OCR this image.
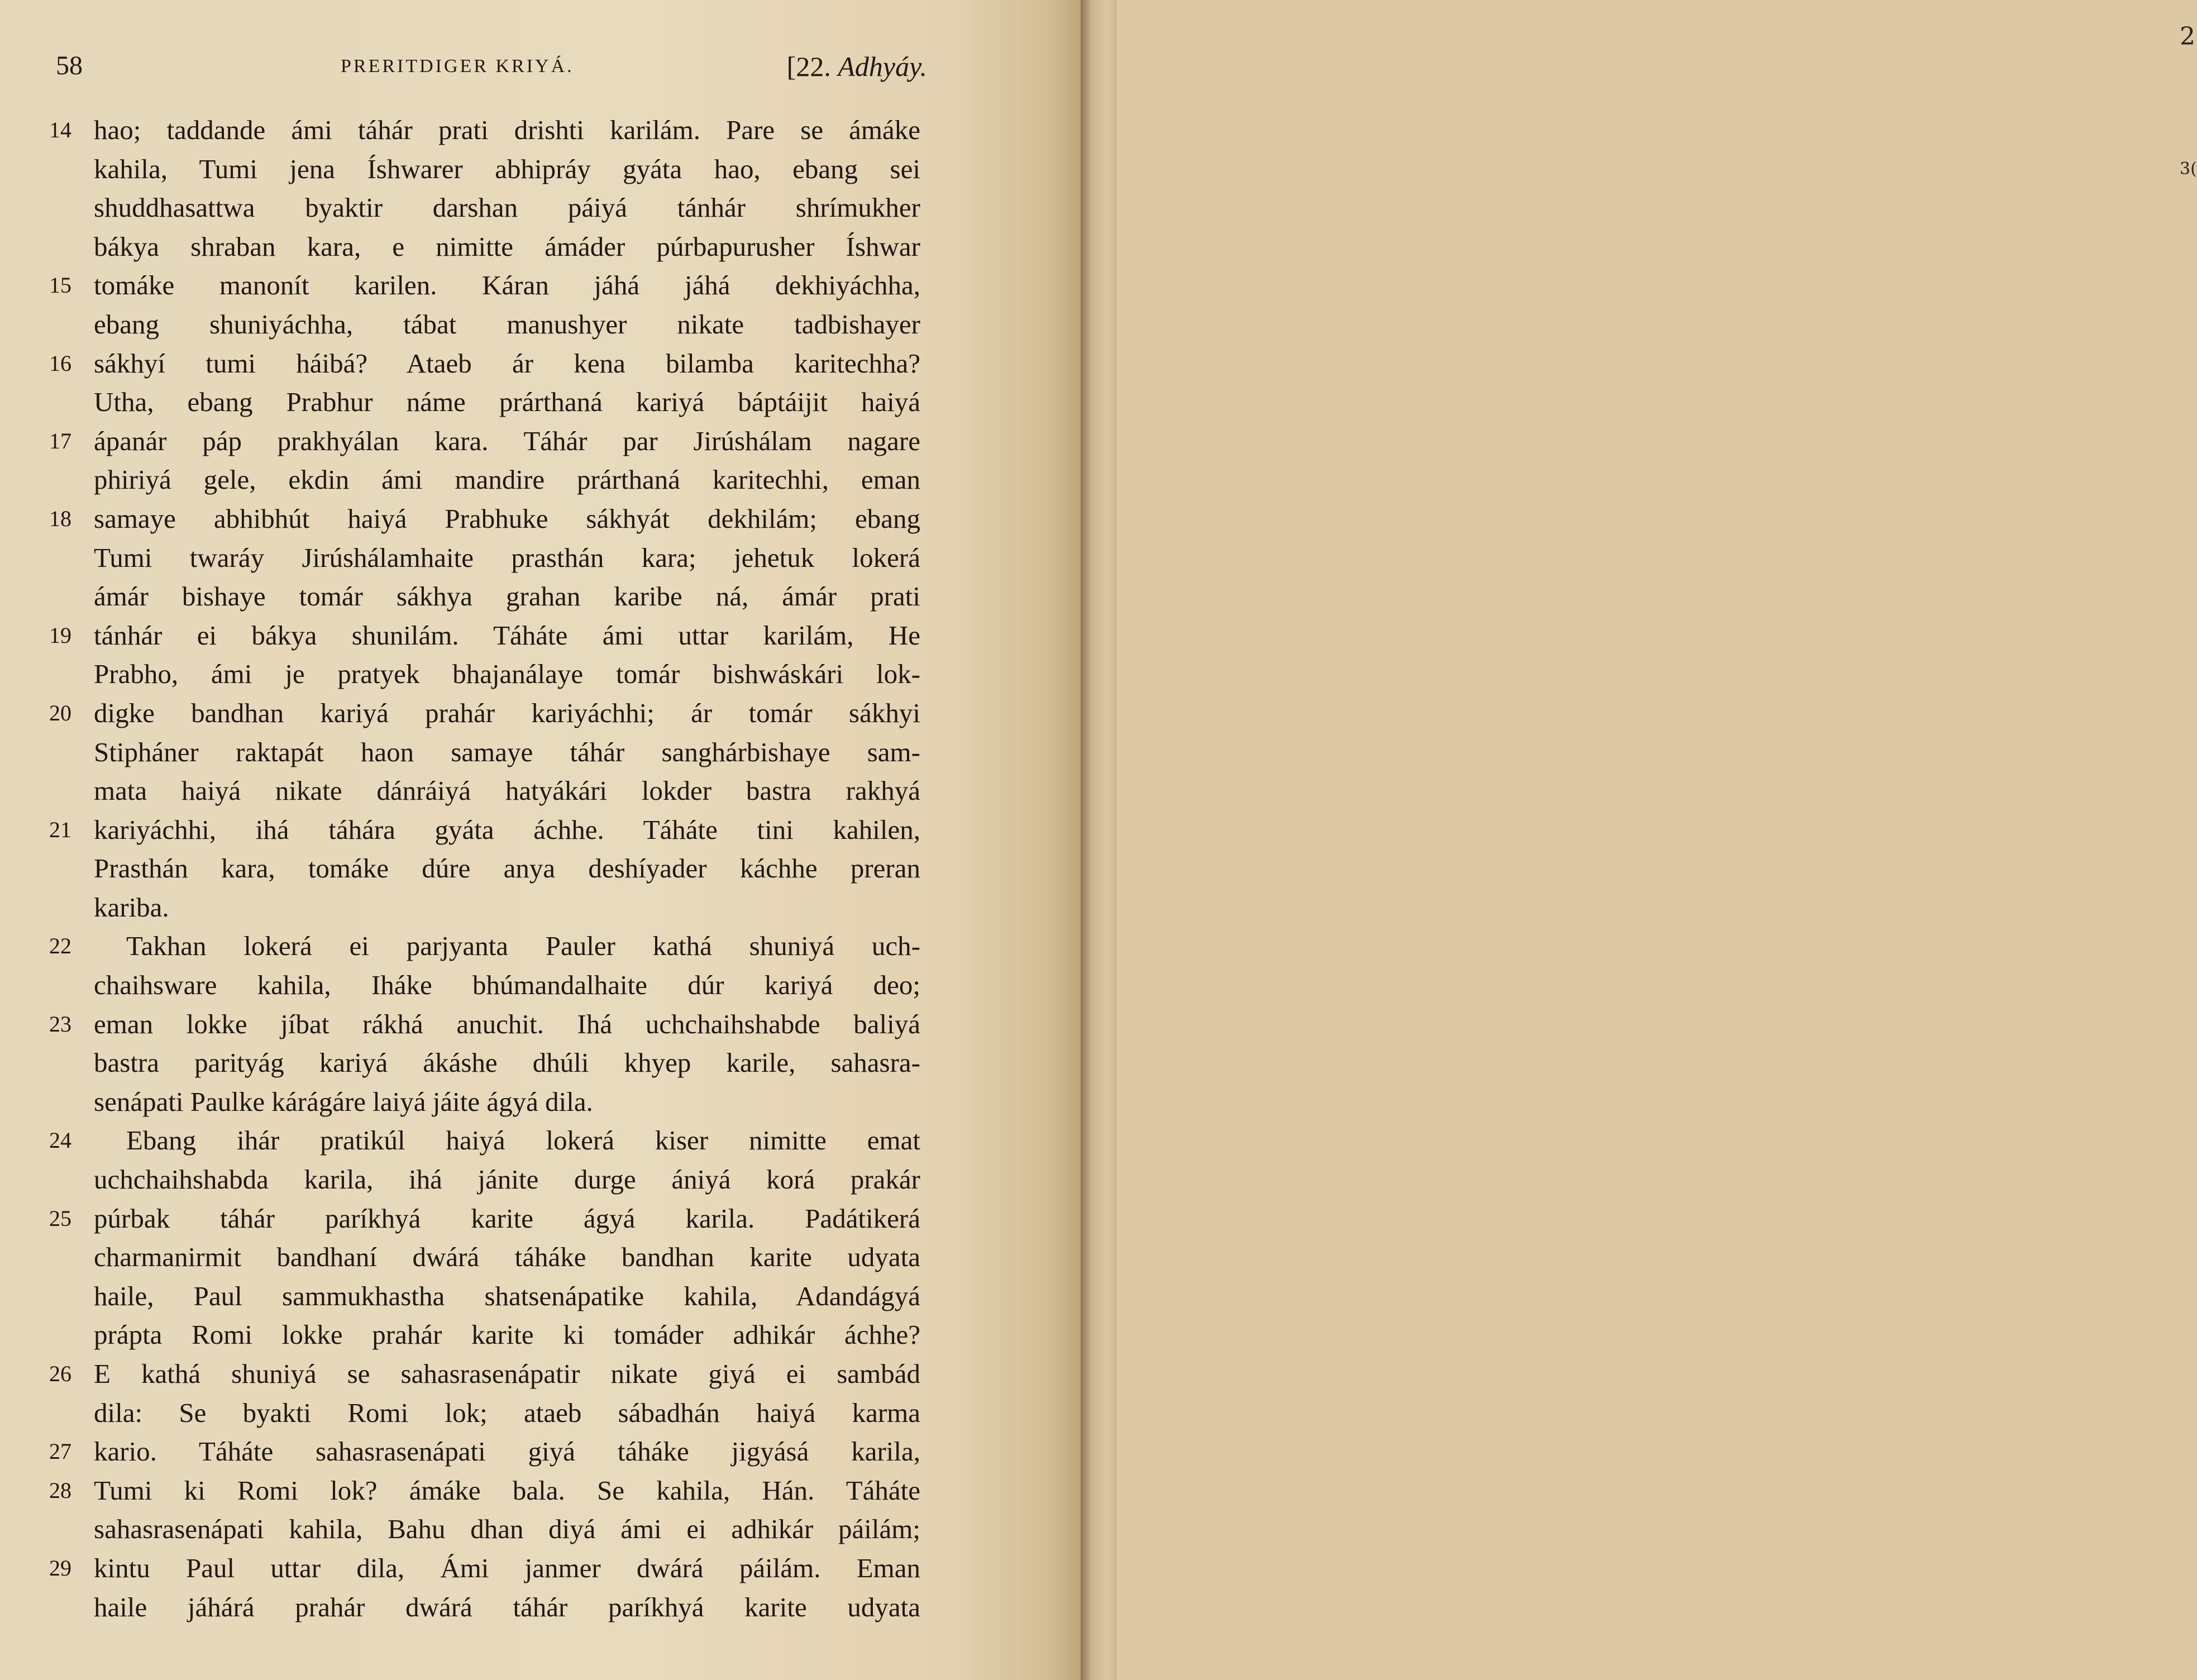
58	PRERITDIGER KRIYÁ.	[22. Adhyáy.
14 hao; taddande ámi táhár prati drishti karilám. Pare se ámáke
kahila, Tumi jena Íshwarer abhipráy gyáta hao, ebang sei
shuddhasattwa byaktir darshan páiyá tánhár shrímukher
bákya shraban kara, e nimitte ámáder púrbapurusher Íshwar
15 tomáke manonít karilen. Káran jáhá jáhá dekhiyáchha,
ebang shuniyáchha, tábat manushyer nikate tadbishayer
16 sákhyí tumi háibá? Ataeb ár kena bilamba karitechha?
Utha, ebang Prabhur náme prárthaná kariyá báptáijit haiyá
17 ápanár páp prakhyálan kara. Táhár par Jirúshálam nagare
phiriyá gele, ekdin ámi mandire prárthaná karitechhi, eman
18 samaye abhibhút haiyá Prabhuke sákhyát dekhilám; ebang
Tumi twaráy Jirúshálamhaite prasthán kara; jehetuk lokerá
ámár bishaye tomár sákhya grahan karibe ná, ámár prati
19 tánhár ei bákya shunilám. Táháte ámi uttar karilám, He
Prabho, ámi je pratyek bhajanálaye tomár bishwáskári lok-
20 digke bandhan kariyá prahár kariyáchhi; ár tomár sákhyi
Stipháner raktapát haon samaye táhár sanghárbishaye sam-
mata haiyá nikate dánráiyá hatyákári lokder bastra rakhyá
21 kariyáchhi, ihá táhára gyáta áchhe. Táháte tini kahilen,
Prasthán kara, tomáke dúre anya deshíyader káchhe preran
kariba.
22	Takhan lokerá ei parjyanta Pauler kathá shuniyá uch-
chaihsware kahila, Iháke bhúmandalhaite dúr kariyá deo;
23 eman lokke jíbat rákhá anuchit. Ihá uchchaihshabde baliyá
bastra parityág kariyá ákáshe dhúli khyep karile, sahasra-
senápati Paulke kárágáre laiyá jáite ágyá dila.
24	Ebang ihár pratikúl haiyá lokerá kiser nimitte emat
uchchaihshabda karila, ihá jánite durge ániyá korá prakár
25 púrbak táhár paríkhyá karite ágyá karila. Padátikerá
charmanirmit bandhaní dwárá táháke bandhan karite udyata
haile, Paul sammukhastha shatsenápatike kahila, Adandágyá
prápta Romi lokke prahár karite ki tomáder adhikár áchhe?
26 E kathá shuniyá se sahasrasenápatir nikate giyá ei sambád
dila: Se byakti Romi lok; ataeb sábadhán haiyá karma
27 kario. Táháte sahasrasenápati giyá táháke jigyásá karila,
28 Tumi ki Romi lok? ámáke bala. Se kahila, Hán. Táháte
sahasrasenápati kahila, Bahu dhan diyá ámi ei adhikár páilám;
29 kintu Paul uttar dila, Ámi janmer dwárá páilám. Eman
haile jáhárá prahár dwárá táhár paríkhyá karite udyata
2
3(
